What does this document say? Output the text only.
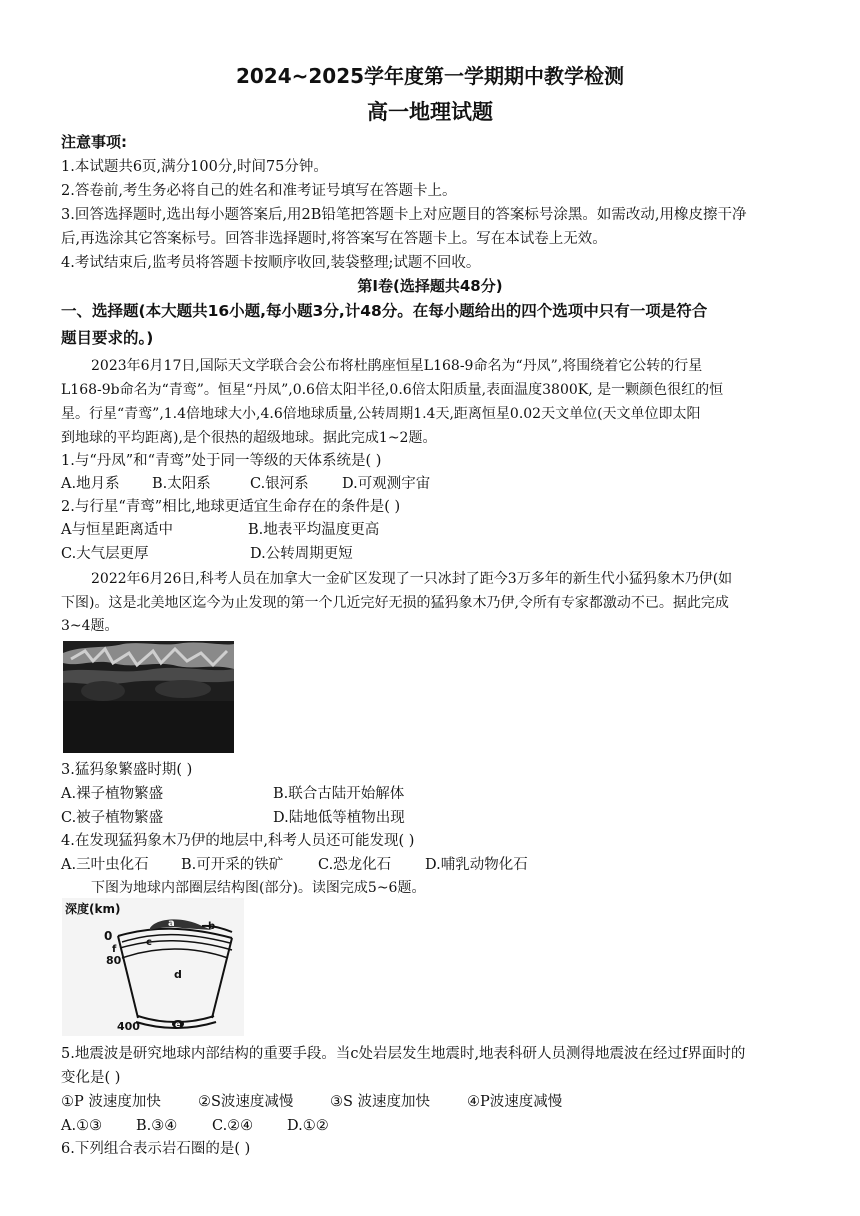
2024~2025学年度第一学期期中教学检测
高一地理试题
注意事项:
1.本试题共6页,满分100分,时间75分钟。
2.答卷前,考生务必将自己的姓名和准考证号填写在答题卡上。
3.回答选择题时,选出每小题答案后,用2B铅笔把答题卡上对应题目的答案标号涂黑。如需改动,用橡皮擦干净
后,再选涂其它答案标号。回答非选择题时,将答案写在答题卡上。写在本试卷上无效。
4.考试结束后,监考员将答题卡按顺序收回,装袋整理;试题不回收。
第I卷(选择题共48分)
一、选择题(本大题共16小题,每小题3分,计48分。在每小题给出的四个选项中只有一项是符合
题目要求的。)
2023年6月17日,国际天文学联合会公布将杜鹃座恒星L168-9命名为“丹凤”,将围绕着它公转的行星
L168-9b命名为“青鸾”。恒星“丹凤”,0.6倍太阳半径,0.6倍太阳质量,表面温度3800K, 是一颗颜色很红的恒
星。行星“青鸾”,1.4倍地球大小,4.6倍地球质量,公转周期1.4天,距离恒星0.02天文单位(天文单位即太阳
到地球的平均距离),是个很热的超级地球。据此完成1~2题。
1.与“丹凤”和“青鸾”处于同一等级的天体系统是( )
A.地月系 B.太阳系	C.银河系 D.可观测宇宙
2.与行星“青鸾”相比,地球更适宜生命存在的条件是( )
A与恒星距离适中	B.地表平均温度更高
C.大气层更厚	D.公转周期更短
2022年6月26日,科考人员在加拿大一金矿区发现了一只冰封了距今3万多年的新生代小猛犸象木乃伊(如
下图)。这是北美地区迄今为止发现的第一个几近完好无损的猛犸象木乃伊,令所有专家都激动不已。据此完成
3~4题。
3.猛犸象繁盛时期( )
A.裸子植物繁盛	B.联合古陆开始解体
C.被子植物繁盛	D.陆地低等植物出现
4.在发现猛犸象木乃伊的地层中,科考人员还可能发现( )
A.三叶虫化石 B.可开采的铁矿 C.恐龙化石 D.哺乳动物化石
下图为地球内部圈层结构图(部分)。读图完成5~6题。
深度(km)
0
80
400
a	b
c
d
e
f
5.地震波是研究地球内部结构的重要手段。当c处岩层发生地震时,地表科研人员测得地震波在经过f界面时的
变化是( )
①P 波速度加快	②S波速度减慢	③S 波速度加快	④P波速度减慢
A.①③ B.③④ C.②④ D.①②
6.下列组合表示岩石圈的是( )
